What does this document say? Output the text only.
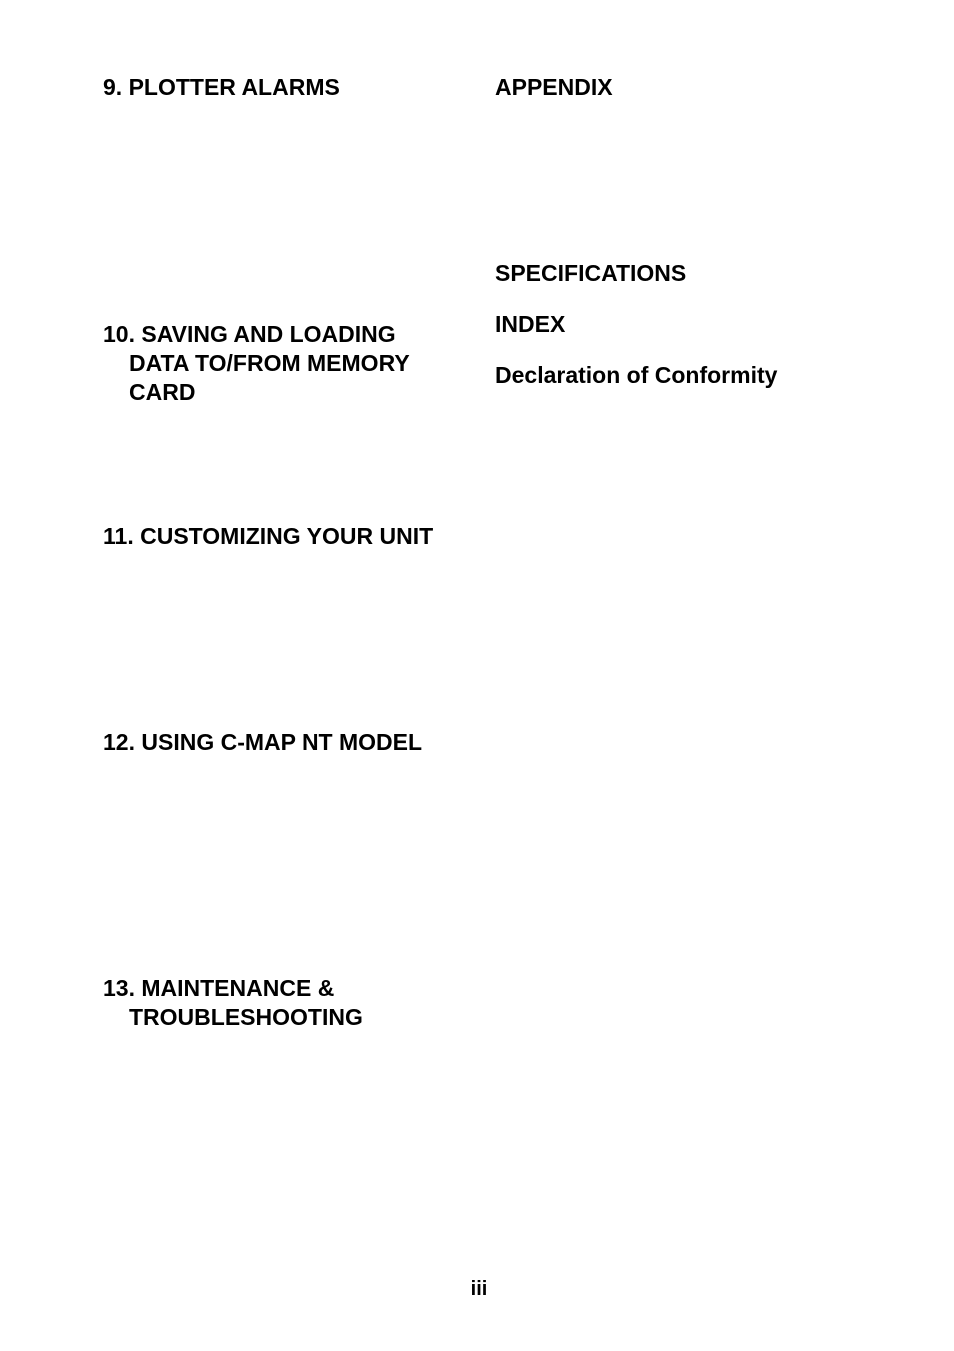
9. PLOTTER ALARMS
10. SAVING AND LOADING
DATA TO/FROM MEMORY
CARD
11. CUSTOMIZING YOUR UNIT
12. USING C-MAP NT MODEL
13. MAINTENANCE &
TROUBLESHOOTING
APPENDIX
SPECIFICATIONS
INDEX
Declaration of Conformity
iii
